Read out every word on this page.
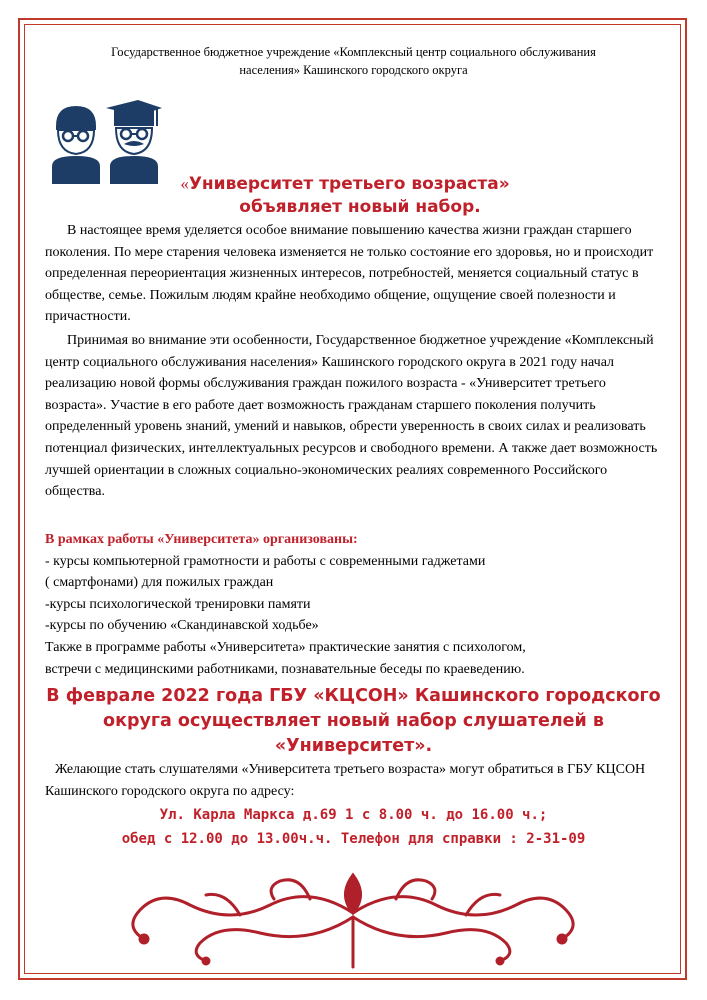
Государственное бюджетное учреждение «Комплексный центр социального обслуживания
населения» Кашинского городского округа
«Университет третьего возраста»
объявляет новый набор.
В настоящее время уделяется особое внимание повышению качества жизни граждан старшего поколения. По мере старения человека изменяется не только состояние его здоровья, но и происходит определенная переориентация жизненных интересов, потребностей, меняется социальный статус в обществе, семье. Пожилым людям крайне необходимо общение, ощущение своей полезности и причастности.
Принимая во внимание эти особенности, Государственное бюджетное учреждение «Комплексный центр социального обслуживания населения» Кашинского городского округа в 2021 году начал реализацию новой формы обслуживания граждан пожилого возраста - «Университет третьего возраста». Участие в его работе дает возможность гражданам старшего поколения получить определенный уровень знаний, умений и навыков, обрести уверенность в своих силах и реализовать потенциал физических, интеллектуальных ресурсов и свободного времени. А также дает возможность лучшей ориентации в сложных социально-экономических реалиях современного Российского общества.
В рамках работы «Университета» организованы:
- курсы компьютерной грамотности и работы с современными гаджетами
( смартфонами) для пожилых граждан
-курсы психологической тренировки памяти
-курсы по обучению «Скандинавской ходьбе»
Также в программе работы «Университета» практические занятия с психологом,
встречи с медицинскими работниками, познавательные беседы по краеведению.
В феврале 2022 года ГБУ «КЦСОН» Кашинского городского
округа осуществляет новый набор слушателей в
«Университет».
Желающие стать слушателями «Университета третьего возраста» могут обратиться в ГБУ КЦСОН Кашинского городского округа по адресу:
Ул. Карла Маркса д.69 1 с 8.00 ч. до 16.00 ч.;
обед с 12.00 до 13.00ч.ч. Телефон для справки : 2-31-09
